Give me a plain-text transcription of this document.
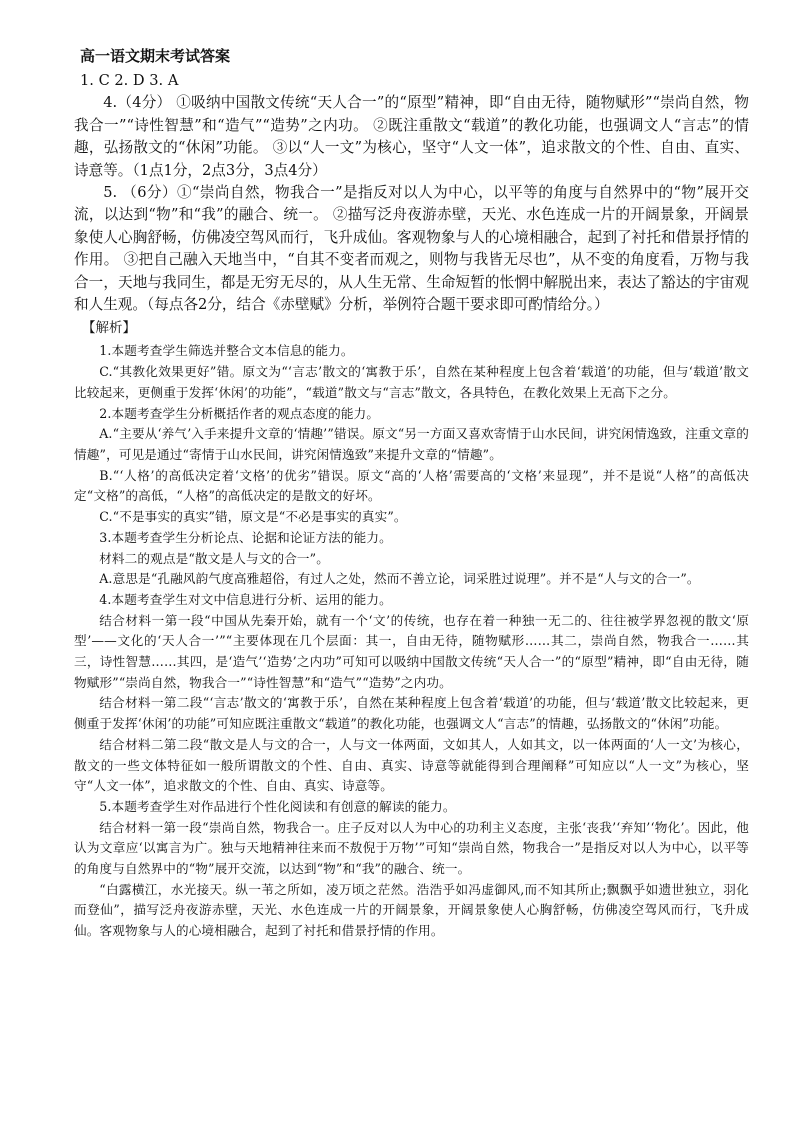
高一语文期末考试答案

1. C 2. D 3. A

4.（4分） ①吸纳中国散文传统“天人合一”的“原型”精神，即“自由无待，随物赋形”“崇尚自然，物我合一”“诗性智慧”和“造气”“造势”之内功。 ②既注重散文“载道”的教化功能，也强调文人“言志”的情趣，弘扬散文的“休闲”功能。 ③以“人一文”为核心，坚守“人文一体”，追求散文的个性、自由、直实、诗意等。（1点1分，2点3分，3点4分）

5. （6分）①“崇尚自然，物我合一”是指反对以人为中心，以平等的角度与自然界中的“物”展开交流，以达到“物”和“我”的融合、统一。 ②描写泛舟夜游赤壁，天光、水色连成一片的开阔景象，开阔景象使人心胸舒畅，仿佛凌空驾风而行，飞升成仙。客观物象与人的心境相融合，起到了衬托和借景抒情的作用。 ③把自己融入天地当中，“自其不变者而观之，则物与我皆无尽也”，从不变的角度看，万物与我合一，天地与我同生，都是无穷无尽的，从人生无常、生命短暂的怅惘中解脱出来，表达了豁达的宇宙观和人生观。（每点各2分，结合《赤壁赋》分析，举例符合题干要求即可酌情给分。）

【解析】

1.本题考查学生筛选并整合文本信息的能力。

C.“其教化效果更好”错。原文为“‘言志’散文的‘寓教于乐’，自然在某种程度上包含着‘载道’的功能，但与‘载道’散文比较起来，更侧重于发挥‘休闲’的功能”，“载道”散文与“言志”散文，各具特色，在教化效果上无高下之分。

2.本题考查学生分析概括作者的观点态度的能力。

A.“主要从‘养气’入手来提升文章的‘情趣’”错误。原文“另一方面又喜欢寄情于山水民间，讲究闲情逸致，注重文章的情趣”，可见是通过“寄情于山水民间，讲究闲情逸致”来提升文章的“情趣”。

B.“‘人格’的高低决定着‘文格’的优劣”错误。原文“高的‘人格’需要高的‘文格’来显现”，并不是说“人格”的高低决定“文格”的高低，“人格”的高低决定的是散文的好坏。

C.“不是事实的真实”错，原文是“不必是事实的真实”。

3.本题考查学生分析论点、论据和论证方法的能力。

材料二的观点是“散文是人与文的合一”。

A.意思是“孔融风韵气度高雅超俗，有过人之处，然而不善立论，词采胜过说理”。并不是“人与文的合一”。

4.本题考查学生对文中信息进行分析、运用的能力。

结合材料一第一段“中国从先秦开始，就有一个‘文’的传统，也存在着一种独一无二的、往往被学界忽视的散文‘原型’——文化的‘天人合一’”“主要体现在几个层面：其一，自由无待，随物赋形……其二，崇尚自然，物我合一……其三，诗性智慧……其四，是‘造气’‘造势’之内功”可知可以吸纳中国散文传统“天人合一”的“原型”精神，即“自由无待，随物赋形”“崇尚自然，物我合一”“诗性智慧”和“造气”“造势”之内功。

结合材料一第二段“‘言志’散文的‘寓教于乐’，自然在某种程度上包含着‘载道’的功能，但与‘载道’散文比较起来，更侧重于发挥‘休闲’的功能”可知应既注重散文“载道”的教化功能，也强调文人“言志”的情趣，弘扬散文的“休闲”功能。

结合材料二第二段“散文是人与文的合一，人与文一体两面，文如其人，人如其文，以一体两面的‘人一文’为核心，散文的一些文体特征如一般所谓散文的个性、自由、真实、诗意等就能得到合理阐释”可知应以“人一文”为核心，坚守“人文一体”，追求散文的个性、自由、真实、诗意等。

5.本题考查学生对作品进行个性化阅读和有创意的解读的能力。

结合材料一第一段“崇尚自然，物我合一。庄子反对以人为中心的功利主义态度，主张‘丧我’‘弃知’‘物化’。因此，他认为文章应‘以寓言为广。独与天地精神往来而不敖倪于万物’”可知“崇尚自然，物我合一”是指反对以人为中心，以平等的角度与自然界中的“物”展开交流，以达到“物”和“我”的融合、统一。

“白露横江，水光接天。纵一苇之所如，凌万顷之茫然。浩浩乎如冯虚御风,而不知其所止;飘飘乎如遗世独立，羽化而登仙”，描写泛舟夜游赤壁，天光、水色连成一片的开阔景象，开阔景象使人心胸舒畅，仿佛凌空驾风而行，飞升成仙。客观物象与人的心境相融合，起到了衬托和借景抒情的作用。
